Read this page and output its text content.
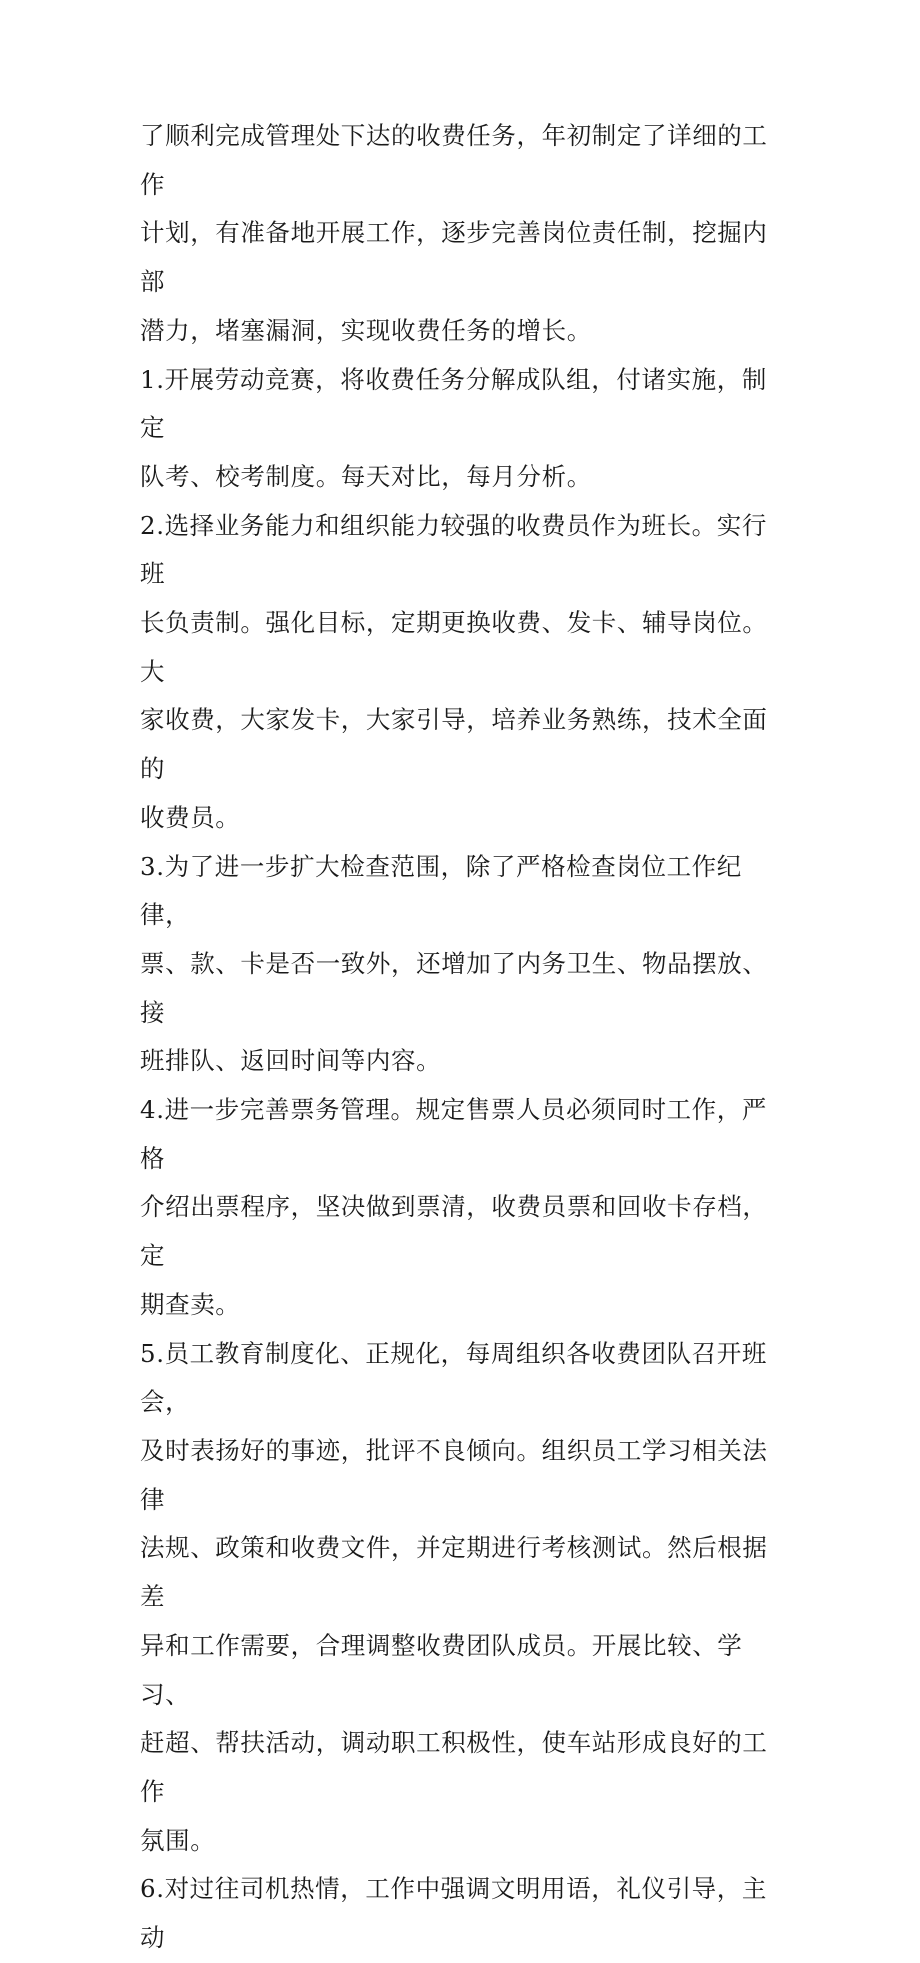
了顺利完成管理处下达的收费任务，年初制定了详细的工作
计划，有准备地开展工作，逐步完善岗位责任制，挖掘内部
潜力，堵塞漏洞，实现收费任务的增长。
1.开展劳动竞赛，将收费任务分解成队组，付诸实施，制定
队考、校考制度。每天对比，每月分析。
2.选择业务能力和组织能力较强的收费员作为班长。实行班
长负责制。强化目标，定期更换收费、发卡、辅导岗位。大
家收费，大家发卡，大家引导，培养业务熟练，技术全面的
收费员。
3.为了进一步扩大检查范围，除了严格检查岗位工作纪律，
票、款、卡是否一致外，还增加了内务卫生、物品摆放、接
班排队、返回时间等内容。
4.进一步完善票务管理。规定售票人员必须同时工作，严格
介绍出票程序，坚决做到票清，收费员票和回收卡存档，定
期查卖。
5.员工教育制度化、正规化，每周组织各收费团队召开班会，
及时表扬好的事迹，批评不良倾向。组织员工学习相关法律
法规、政策和收费文件，并定期进行考核测试。然后根据差
异和工作需要，合理调整收费团队成员。开展比较、学习、
赶超、帮扶活动，调动职工积极性，使车站形成良好的工作
氛围。
6.对过往司机热情，工作中强调文明用语，礼仪引导，主动
